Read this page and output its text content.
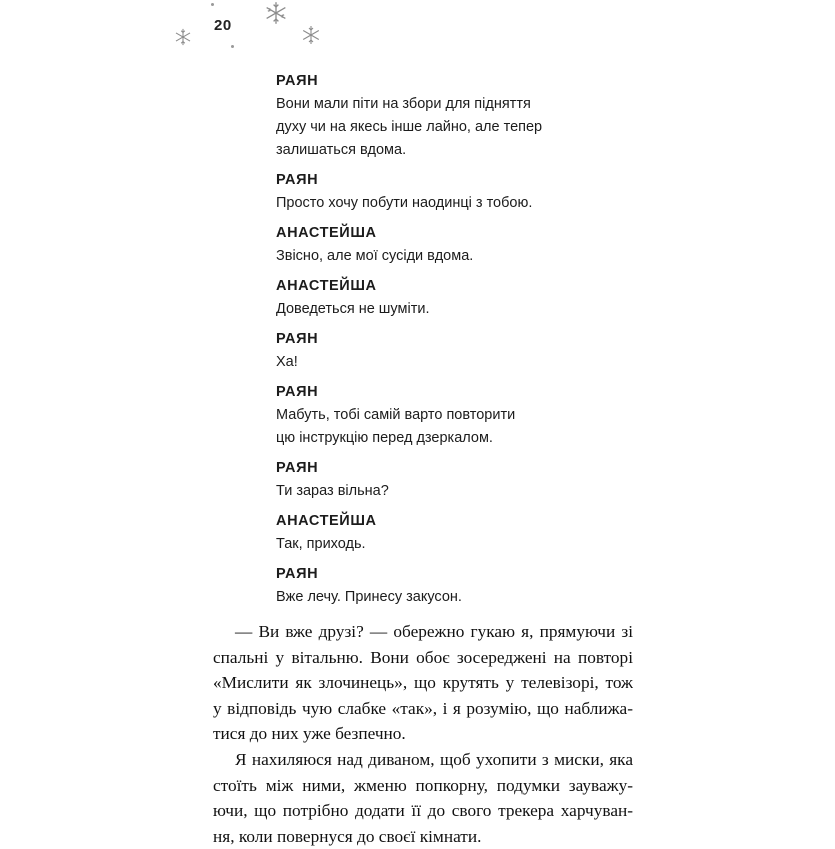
20
РАЯН
Вони мали піти на збори для підняття
духу чи на якесь інше лайно, але тепер
залишаться вдома.
РАЯН
Просто хочу побути наодинці з тобою.
АНАСТЕЙША
Звісно, але мої сусіди вдома.
АНАСТЕЙША
Доведеться не шуміти.
РАЯН
Ха!
РАЯН
Мабуть, тобі самій варто повторити
цю інструкцію перед дзеркалом.
РАЯН
Ти зараз вільна?
АНАСТЕЙША
Так, приходь.
РАЯН
Вже лечу. Принесу закусон.

— Ви вже друзі? — обережно гукаю я, прямуючи зі
спальні у вітальню. Вони обоє зосереджені на повторі
«Мислити як злочинець», що крутять у телевізорі, тож
у відповідь чую слабке «так», і я розумію, що наближа-
тися до них уже безпечно.

Я нахиляюся над диваном, щоб ухопити з миски, яка
стоїть між ними, жменю попкорну, подумки зауважу-
ючи, що потрібно додати її до свого трекера харчуван-
ня, коли повернуся до своєї кімнати.
